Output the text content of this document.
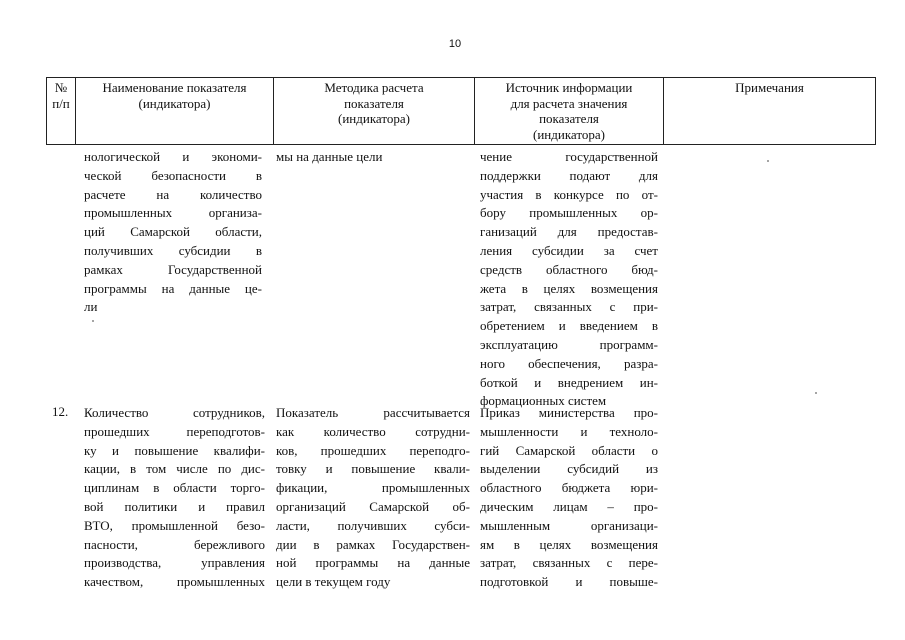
10
№
п/п
Наименование показателя
(индикатора)
Методика расчета
показателя
(индикатора)
Источник информации
для расчета значения
показателя
(индикатора)
Примечания
нологической и экономи-
ческой безопасности в
расчете на количество
промышленных организа-
ций Самарской области,
получивших субсидии в
рамках Государственной
программы на данные це-
ли
мы на данные цели	чение государственной
поддержки подают для
участия в конкурсе по от-
бору промышленных ор-
ганизаций для предостав-
ления субсидии за счет
средств областного бюд-
жета в целях возмещения
затрат, связанных с при-
обретением и введением в
эксплуатацию программ-
ного обеспечения, разра-
боткой и внедрением ин-
формационных систем
12. Количество сотрудников,
прошедших переподготов-
ку и повышение квалифи-
кации, в том числе по дис-
циплинам в области торго-
вой политики и правил
ВТО, промышленной безо-
пасности, бережливого
производства, управления
качеством, промышленных
Показатель рассчитывается
как количество сотрудни-
ков, прошедших переподго-
товку и повышение квали-
фикации, промышленных
организаций Самарской об-
ласти, получивших субси-
дии в рамках Государствен-
ной программы на данные
цели в текущем году
Приказ министерства про-
мышленности и техноло-
гий Самарской области о
выделении субсидий из
областного бюджета юри-
дическим лицам – про-
мышленным организаци-
ям в целях возмещения
затрат, связанных с пере-
подготовкой и повыше-
